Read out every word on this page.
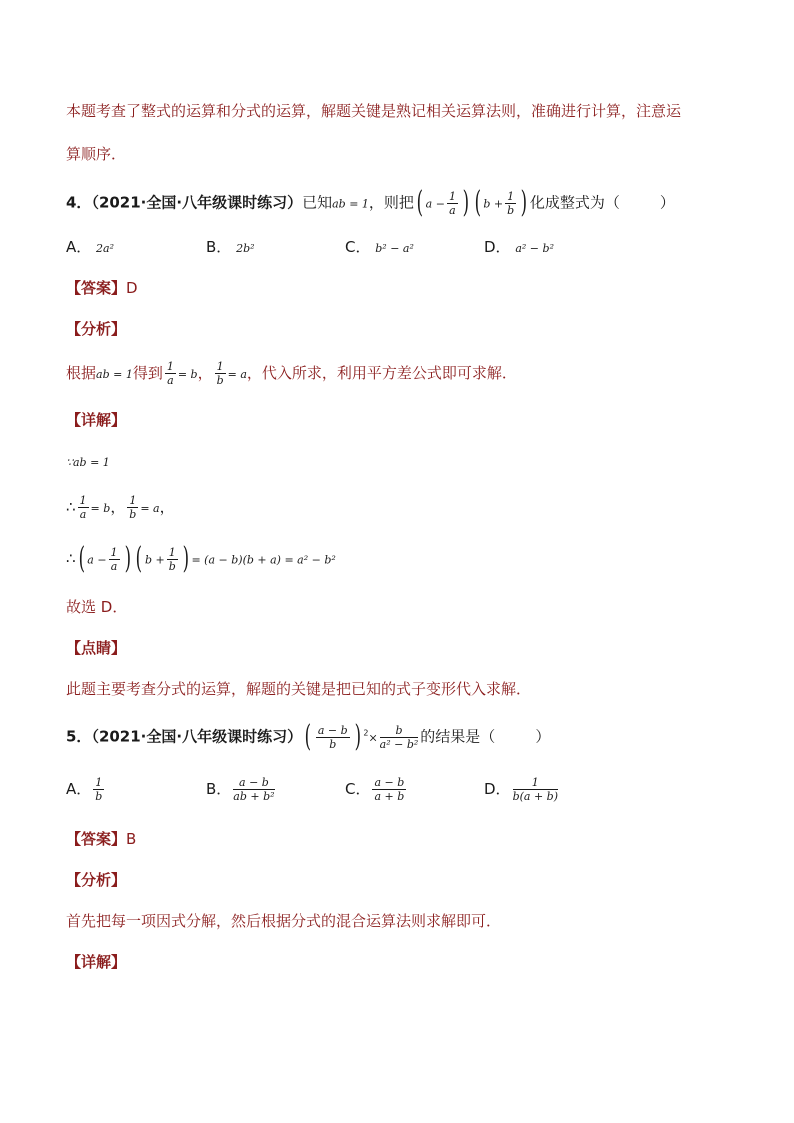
本题考查了整式的运算和分式的运算，解题关键是熟记相关运算法则，准确进行计算，注意运
算顺序．
4．（2021·全国·八年级课时练习）已知ab = 1，则把( $a - \frac{1}{a}$ ) ( $b + \frac{1}{b}$ ) 化成整式为（	）
A． 2a²	B． 2b²	C． b² − a²	D． a² − b²
【答案】D
【分析】
根据ab = 1得到 $\frac{1}{a} = b$， $\frac{1}{b} = a$，代入所求，利用平方差公式即可求解．
【详解】
∵ab = 1
∴ $\frac{1}{a} = b$， $\frac{1}{b} = a$，
∴( $a - \frac{1}{a}$ ) ( $b + \frac{1}{b}$ ) = (a − b)(b + a) = a² − b²
故选 D．
【点睛】
此题主要考查分式的运算，解题的关键是把已知的式子变形代入求解．
5．（2021·全国·八年级课时练习）( $\frac{a - b}{b}$ ) $^2\times \frac{b}{\text{a² − b²}}$ 的结果是（	）
A． $\frac{1}{b}$	B． $\frac{a - b}{\text{ab + b²}}$	C． $\frac{a - b}{a + b}$	D． $\frac{1}{b(a + b)}$
【答案】B
【分析】
首先把每一项因式分解，然后根据分式的混合运算法则求解即可．
【详解】
